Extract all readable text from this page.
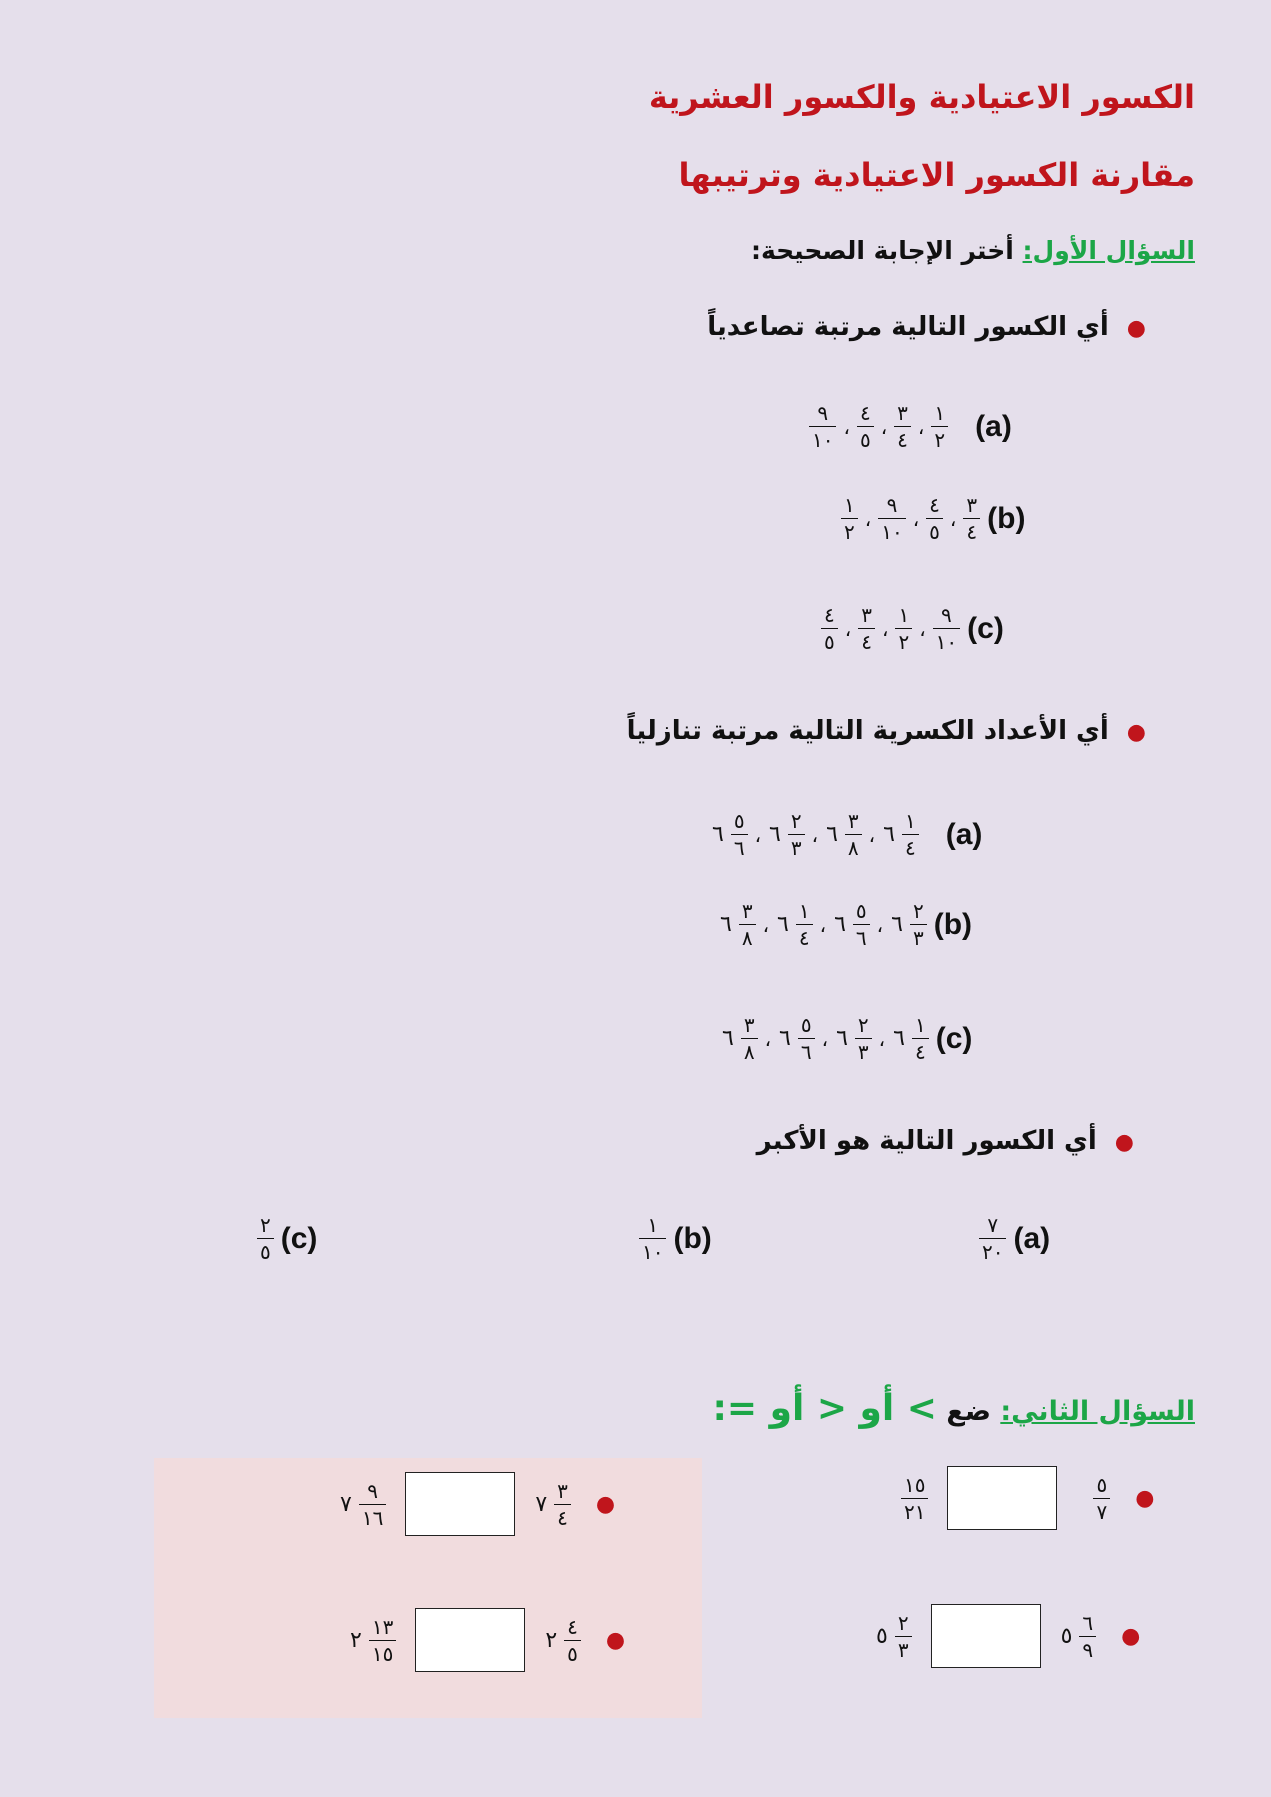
الكسور الاعتيادية والكسور العشرية
مقارنة الكسور الاعتيادية وترتيبها
السؤال الأول: أختر الإجابة الصحيحة:
●أي الكسور التالية مرتبة تصاعدياً
$\frac{٩}{١٠}$ ، $\frac{٤}{٥}$ ، $\frac{٣}{٤}$ ، $\frac{١}{٢} (a)$
$\frac{١}{٢}$ ، $\frac{٩}{١٠}$ ، $\frac{٤}{٥}$ ، $\frac{٣}{٤} (b)$
$\frac{٤}{٥}$ ، $\frac{٣}{٤}$ ، $\frac{١}{٢}$ ، $\frac{٩}{١٠} (c)$
●أي الأعداد الكسرية التالية مرتبة تنازلياً
٦ $\frac{٥}{٦}$ ، ٦ $\frac{٢}{٣}$ ، ٦ $\frac{٣}{٨}$ ، ٦ $\frac{١}{٤} (a)$
٦ $\frac{٣}{٨}$ ، ٦ $\frac{١}{٤}$ ، ٦ $\frac{٥}{٦}$ ، ٦ $\frac{٢}{٣} (b)$
٦ $\frac{٣}{٨}$ ، ٦ $\frac{٥}{٦}$ ، ٦ $\frac{٢}{٣}$ ، ٦ $\frac{١}{٤} (c)$
●أي الكسور التالية هو الأكبر
$\frac{٢}{٥} (c)$	$\frac{١}{١٠} (b)$	$\frac{٧}{٢٠} (a)$
السؤال الثاني: ضع > أو < أو =:
$\frac{١٥}{٢١}$	$\frac{٥}{٧}$ ●
٧ $\frac{٩}{١٦}$	٧ $\frac{٣}{٤}$ ●
٥ $\frac{٢}{٣}$	٥ $\frac{٦}{٩}$ ●
٢ $\frac{١٣}{١٥}$	٢ $\frac{٤}{٥}$ ●
